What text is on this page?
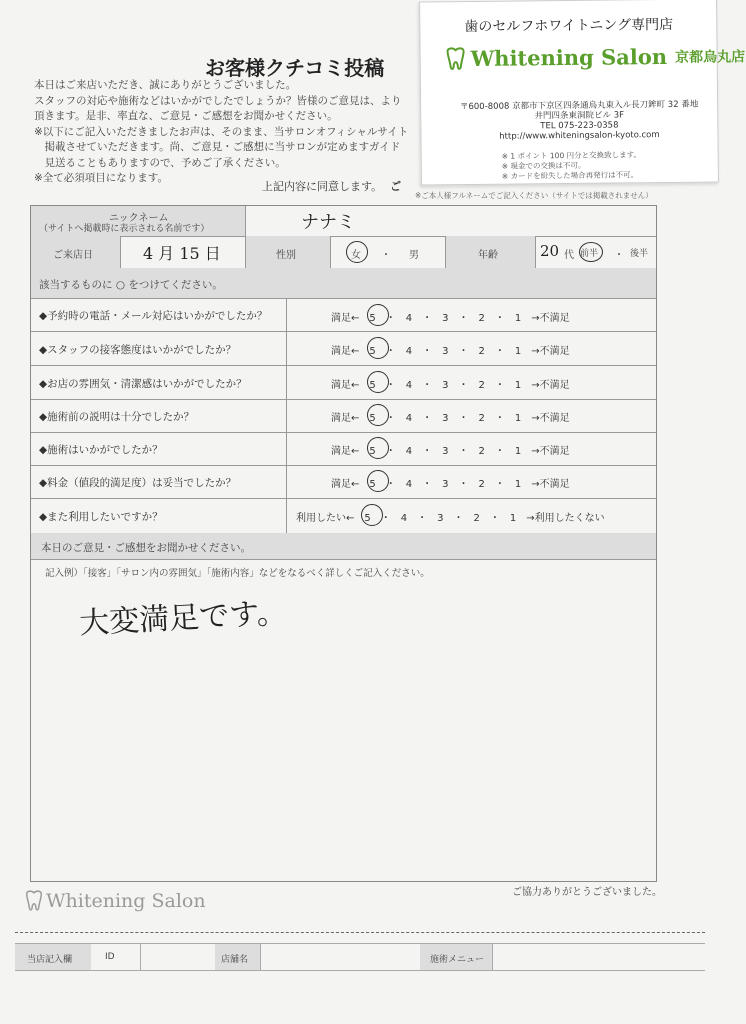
お客様クチコミ投稿
本日はご来店いただき、誠にありがとうございました。
スタッフの対応や施術などはいかがでしたでしょうか？皆様のご意見は、より
頂きます。是非、率直な、ご意見・ご感想をお聞かせください。
※以下にご記入いただきましたお声は、そのまま、当サロンオフィシャルサイト
　掲載させていただきます。尚、ご意見・ご感想に当サロンが定めますガイド
　見送ることもありますので、予めご了承ください。
※全て必須項目になります。
上記内容に同意します。 ご
歯のセルフホワイトニング専門店
Whitening Salon 京都烏丸店
〒600-8008 京都市下京区四条通烏丸東入ル長刀鉾町 32 番地
井門四条東洞院ビル 3F
TEL 075-223-0358
http://www.whiteningsalon-kyoto.com
※ 1 ポイント 100 円分と交換致します。
※ 現金での交換は不可。
※ カードを紛失した場合再発行は不可。
※ご本人様フルネームでご記入ください（サイトでは掲載されません）
ニックネーム
（サイトへ掲載時に表示される名前です）	ナナミ
ご来店日	4 月 15 日	性別	女 ・ 男	年齢	20 代 前半 ・ 後半
該当するものに ○ をつけてください。
◆予約時の電話・メール対応はいかがでしたか？	満足←　5　・　4　・　3　・　2　・　1　→不満足
◆スタッフの接客態度はいかがでしたか？	満足←　5　・　4　・　3　・　2　・　1　→不満足
◆お店の雰囲気・清潔感はいかがでしたか？	満足←　5　・　4　・　3　・　2　・　1　→不満足
◆施術前の説明は十分でしたか？	満足←　5　・　4　・　3　・　2　・　1　→不満足
◆施術はいかがでしたか？	満足←　5　・　4　・　3　・　2　・　1　→不満足
◆料金（値段的満足度）は妥当でしたか？	満足←　5　・　4　・　3　・　2　・　1　→不満足
◆また利用したいですか？	利用したい←　5　・　4　・　3　・　2　・　1　→利用したくない
本日のご意見・ご感想をお聞かせください。
記入例）「接客」「サロン内の雰囲気」「施術内容」などをなるべく詳しくご記入ください。
大変満足です。
ご協力ありがとうございました。
Whitening Salon
当店記入欄	ID	店舗名	施術メニュー
